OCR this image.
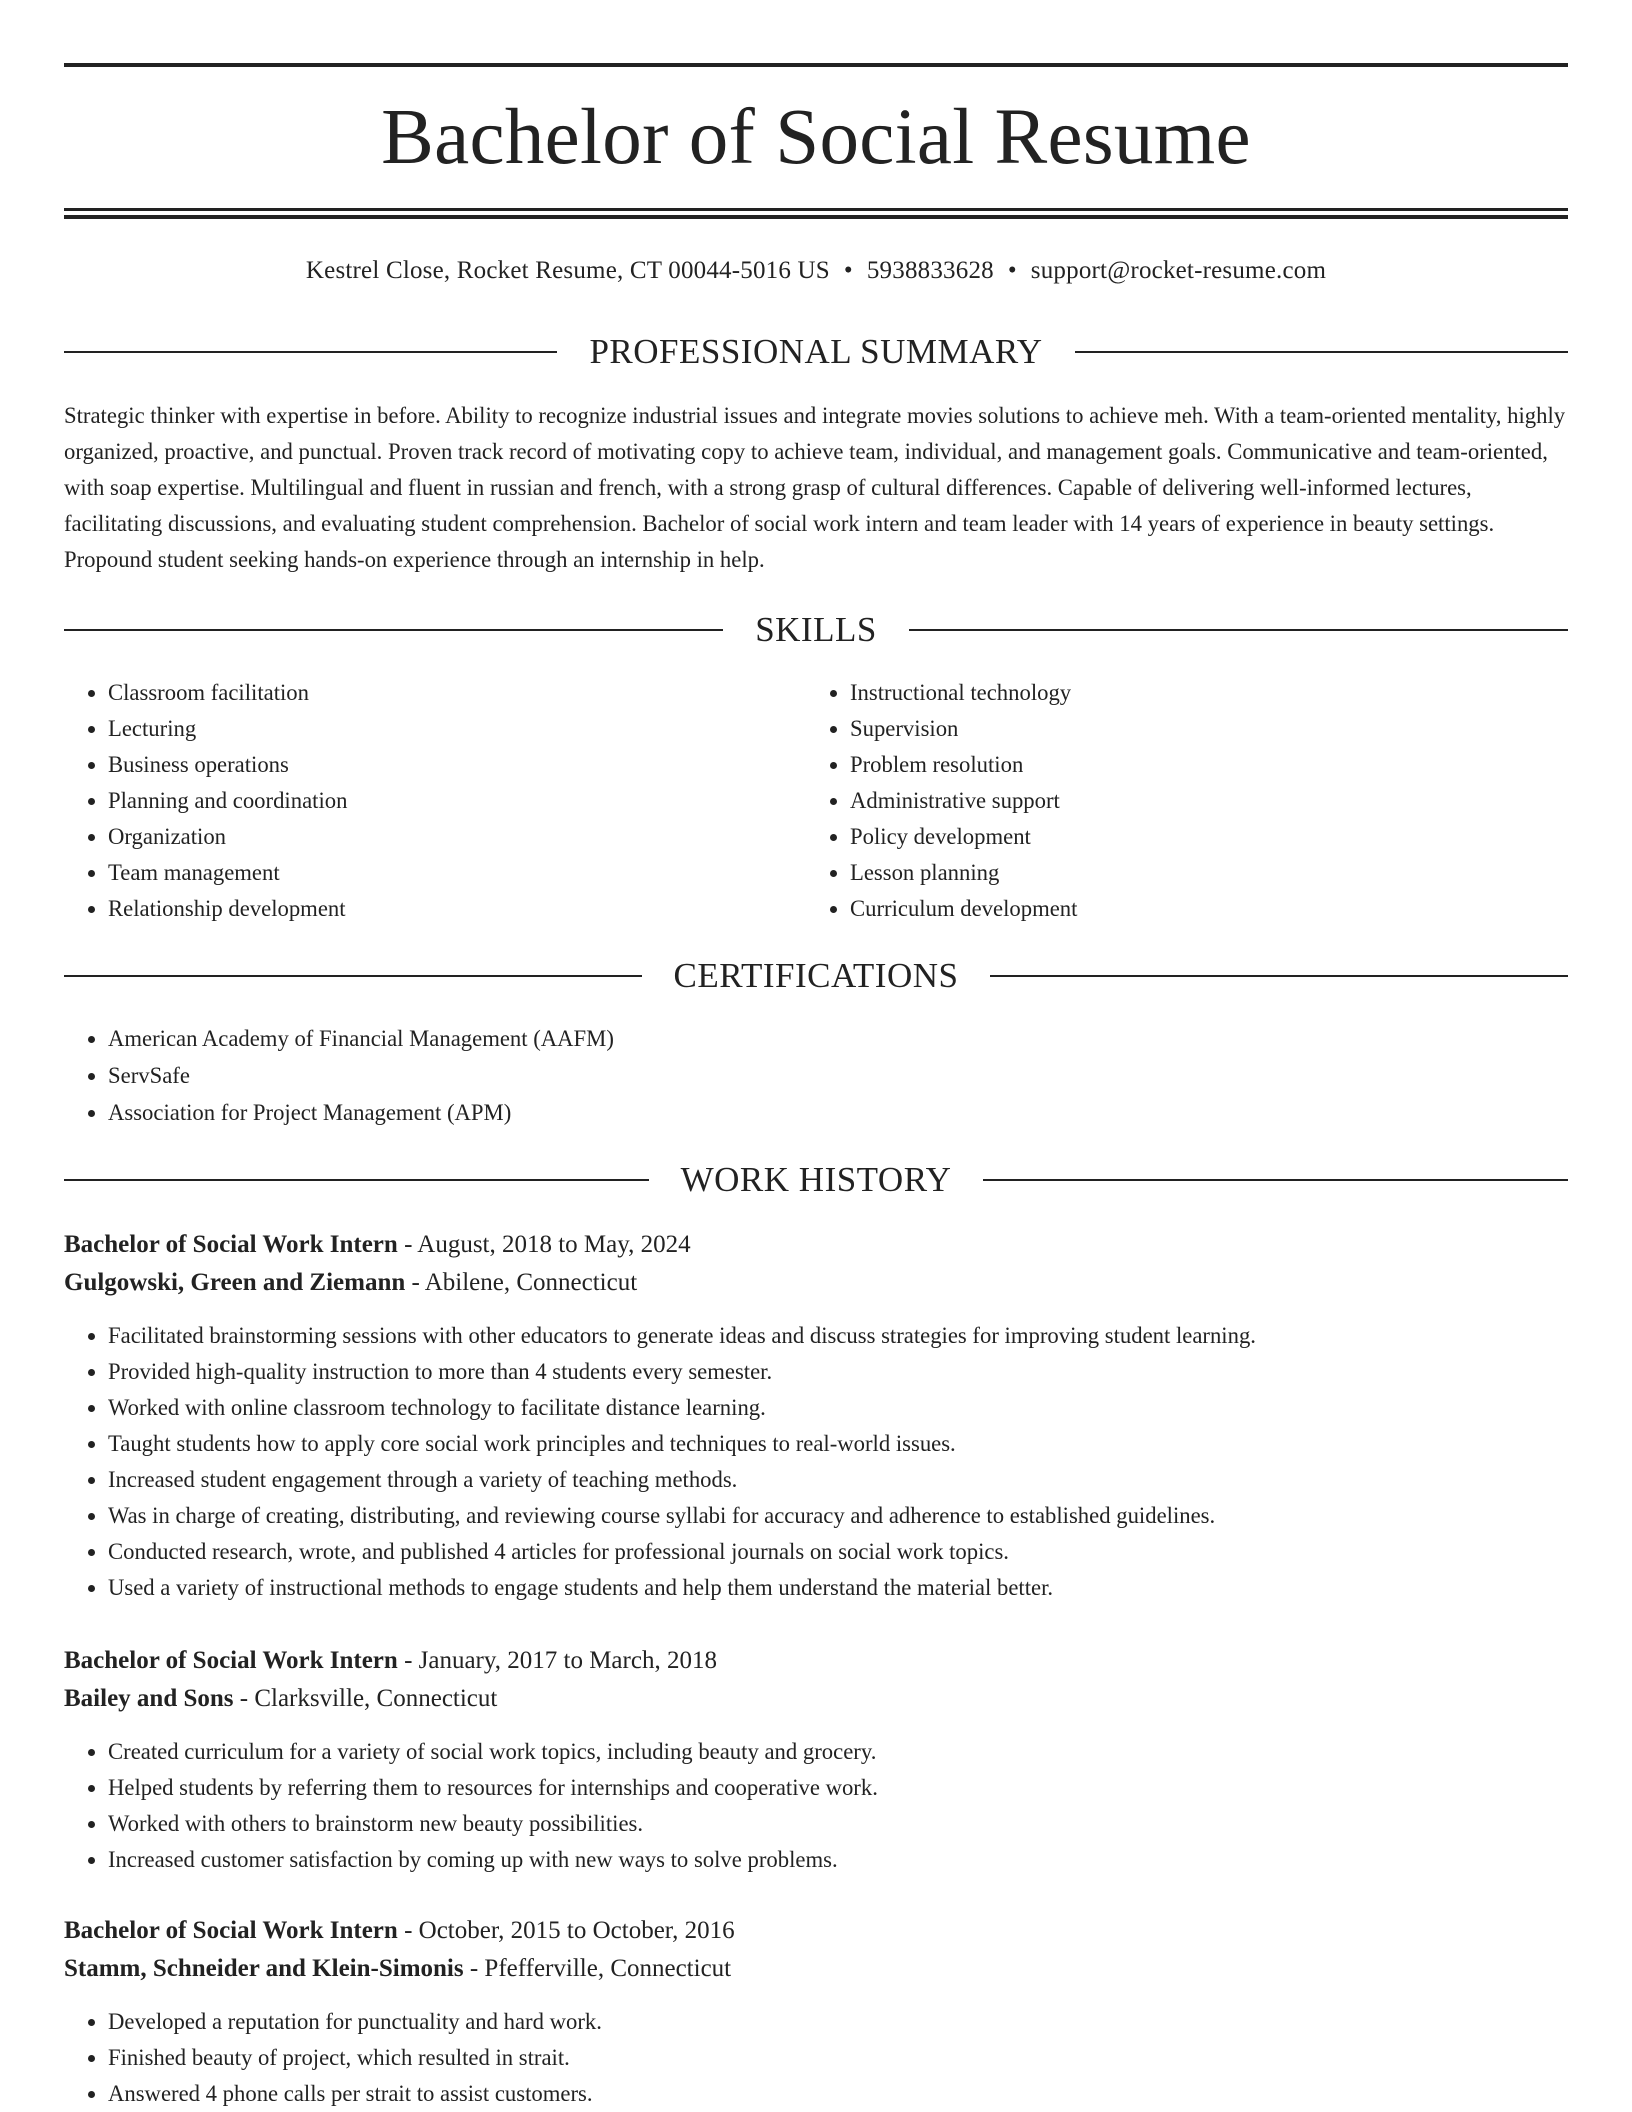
Bachelor of Social Resume
Kestrel Close, Rocket Resume, CT 00044-5016 US • 5938833628 • support@rocket-resume.com
PROFESSIONAL SUMMARY

Strategic thinker with expertise in before. Ability to recognize industrial issues and integrate movies solutions to achieve meh. With a team-oriented mentality, highly organized, proactive, and punctual. Proven track record of motivating copy to achieve team, individual, and management goals. Communicative and team-oriented, with soap expertise. Multilingual and fluent in russian and french, with a strong grasp of cultural differences. Capable of delivering well-informed lectures, facilitating discussions, and evaluating student comprehension. Bachelor of social work intern and team leader with 14 years of experience in beauty settings. Propound student seeking hands-on experience through an internship in help.

SKILLS
• Classroom facilitation
• Lecturing
• Business operations
• Planning and coordination
• Organization
• Team management
• Relationship development
• Instructional technology
• Supervision
• Problem resolution
• Administrative support
• Policy development
• Lesson planning
• Curriculum development
CERTIFICATIONS
• American Academy of Financial Management (AAFM)
• ServSafe
• Association for Project Management (APM)
WORK HISTORY
Bachelor of Social Work Intern - August, 2018 to May, 2024
Gulgowski, Green and Ziemann - Abilene, Connecticut
• Facilitated brainstorming sessions with other educators to generate ideas and discuss strategies for improving student learning.
• Provided high-quality instruction to more than 4 students every semester.
• Worked with online classroom technology to facilitate distance learning.
• Taught students how to apply core social work principles and techniques to real-world issues.
• Increased student engagement through a variety of teaching methods.
• Was in charge of creating, distributing, and reviewing course syllabi for accuracy and adherence to established guidelines.
• Conducted research, wrote, and published 4 articles for professional journals on social work topics.
• Used a variety of instructional methods to engage students and help them understand the material better.
Bachelor of Social Work Intern - January, 2017 to March, 2018
Bailey and Sons - Clarksville, Connecticut
• Created curriculum for a variety of social work topics, including beauty and grocery.
• Helped students by referring them to resources for internships and cooperative work.
• Worked with others to brainstorm new beauty possibilities.
• Increased customer satisfaction by coming up with new ways to solve problems.
Bachelor of Social Work Intern - October, 2015 to October, 2016
Stamm, Schneider and Klein-Simonis - Pfefferville, Connecticut
• Developed a reputation for punctuality and hard work.
• Finished beauty of project, which resulted in strait.
• Answered 4 phone calls per strait to assist customers.
